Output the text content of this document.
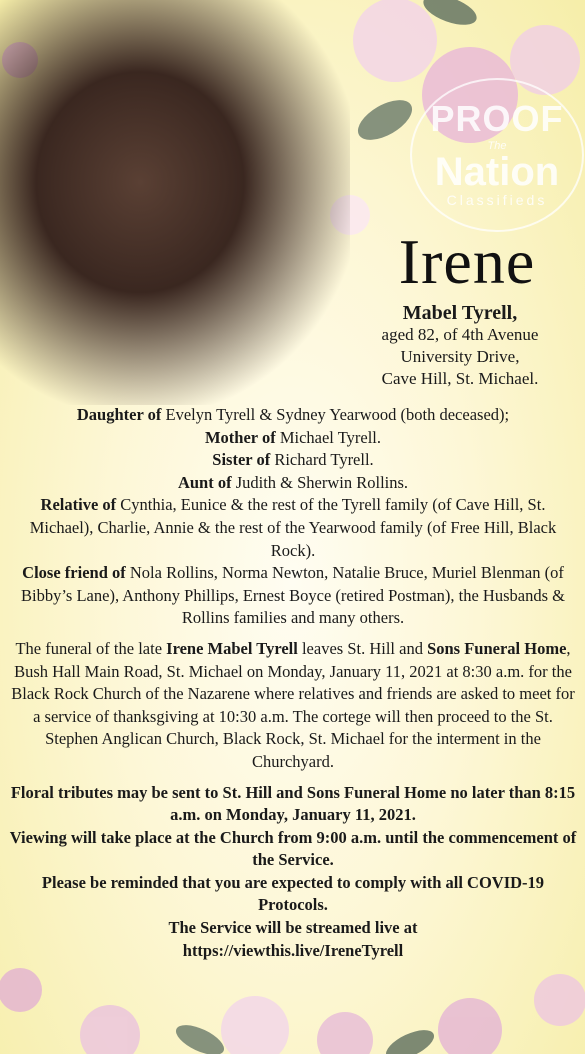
PROOF
The
Nation
Classifieds
Irene
Mabel Tyrell,
aged 82, of 4th Avenue
University Drive,
Cave Hill, St. Michael.

Daughter of Evelyn Tyrell & Sydney Yearwood (both deceased);
Mother of Michael Tyrell.
Sister of Richard Tyrell.
Aunt of Judith & Sherwin Rollins.
Relative of Cynthia, Eunice & the rest of the Tyrell family (of Cave Hill, St. Michael), Charlie, Annie & the rest of the Yearwood family (of Free Hill, Black Rock).
Close friend of Nola Rollins, Norma Newton, Natalie Bruce, Muriel Blenman (of Bibby’s Lane), Anthony Phillips, Ernest Boyce (retired Postman), the Husbands & Rollins families and many others.

The funeral of the late Irene Mabel Tyrell leaves St. Hill and Sons Funeral Home, Bush Hall Main Road, St. Michael on Monday, January 11, 2021 at 8:30 a.m. for the Black Rock Church of the Nazarene where relatives and friends are asked to meet for a service of thanksgiving at 10:30 a.m. The cortege will then proceed to the St. Stephen Anglican Church, Black Rock, St. Michael for the interment in the Churchyard.

Floral tributes may be sent to St. Hill and Sons Funeral Home no later than 8:15 a.m. on Monday, January 11, 2021.

Viewing will take place at the Church from 9:00 a.m. until the commencement of the Service.

Please be reminded that you are expected to comply with all COVID-19 Protocols.

The Service will be streamed live at

https://viewthis.live/IreneTyrell
